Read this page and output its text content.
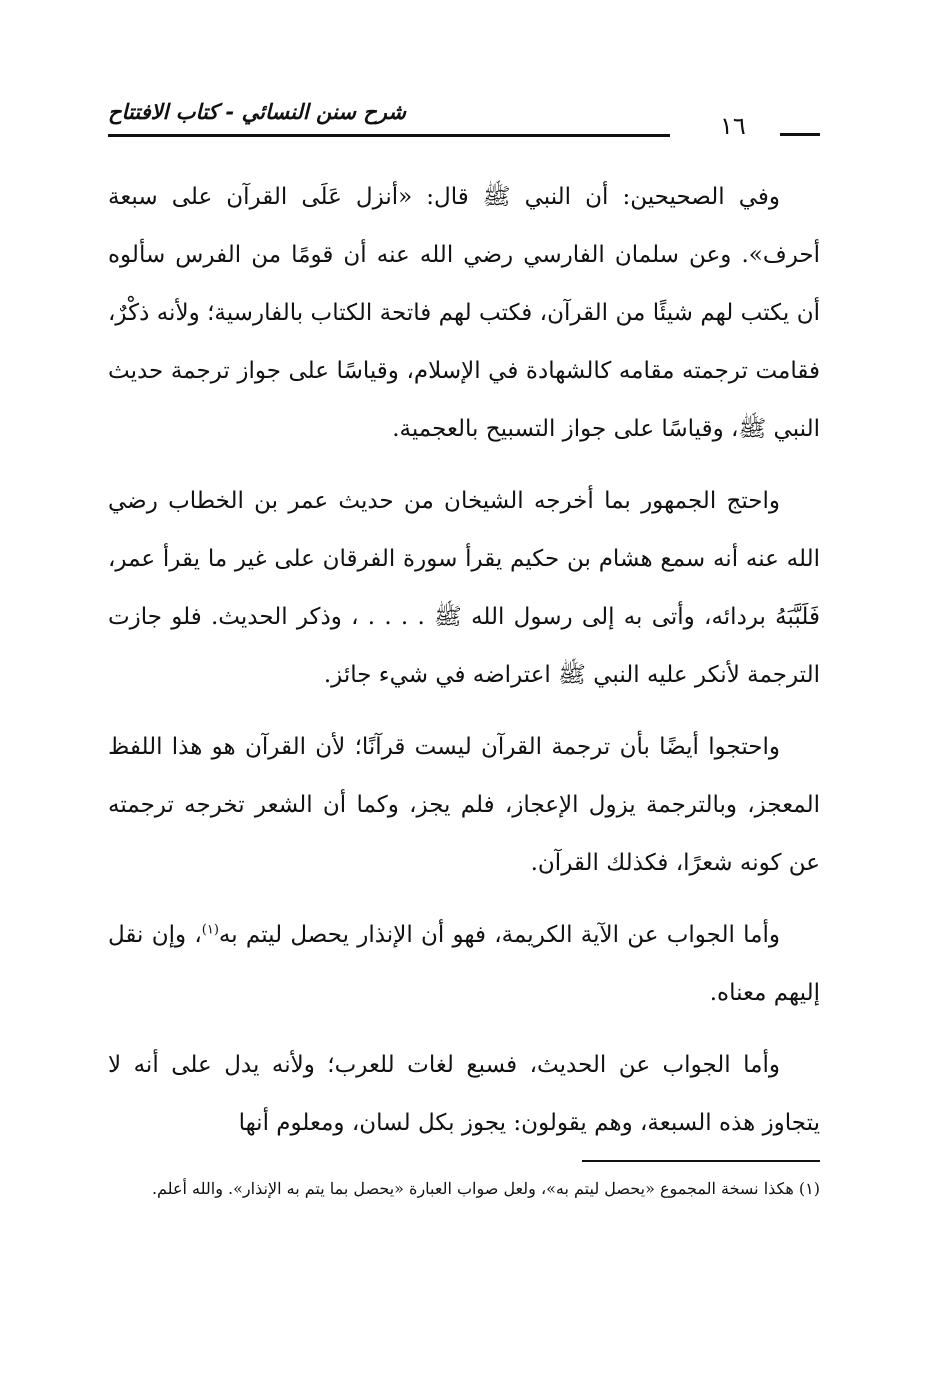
شرح سنن النسائي - كتاب الافتتاح	١٦

وفي الصحيحين: أن النبي ﷺ قال: «أنزل عَلَى القرآن على سبعة أحرف». وعن سلمان الفارسي رضي الله عنه أن قومًا من الفرس سألوه أن يكتب لهم شيئًا من القرآن، فكتب لهم فاتحة الكتاب بالفارسية؛ ولأنه ذكْرٌ، فقامت ترجمته مقامه كالشهادة في الإسلام، وقياسًا على جواز ترجمة حديث النبي ﷺ، وقياسًا على جواز التسبيح بالعجمية.

واحتج الجمهور بما أخرجه الشيخان من حديث عمر بن الخطاب رضي الله عنه أنه سمع هشام بن حكيم يقرأ سورة الفرقان على غير ما يقرأ عمر، فَلَبَّبَهُ بردائه، وأتى به إلى رسول الله ﷺ . . . . ، وذكر الحديث. فلو جازت الترجمة لأنكر عليه النبي ﷺ اعتراضه في شيء جائز.

واحتجوا أيضًا بأن ترجمة القرآن ليست قرآنًا؛ لأن القرآن هو هذا اللفظ المعجز، وبالترجمة يزول الإعجاز، فلم يجز، وكما أن الشعر تخرجه ترجمته عن كونه شعرًا، فكذلك القرآن.

وأما الجواب عن الآية الكريمة، فهو أن الإنذار يحصل ليتم به$^{(١)}$، وإن نقل إليهم معناه.

وأما الجواب عن الحديث، فسبع لغات للعرب؛ ولأنه يدل على أنه لا يتجاوز هذه السبعة، وهم يقولون: يجوز بكل لسان، ومعلوم أنها

(١) هكذا نسخة المجموع «يحصل ليتم به»، ولعل صواب العبارة «يحصل بما يتم به الإنذار». والله أعلم.
